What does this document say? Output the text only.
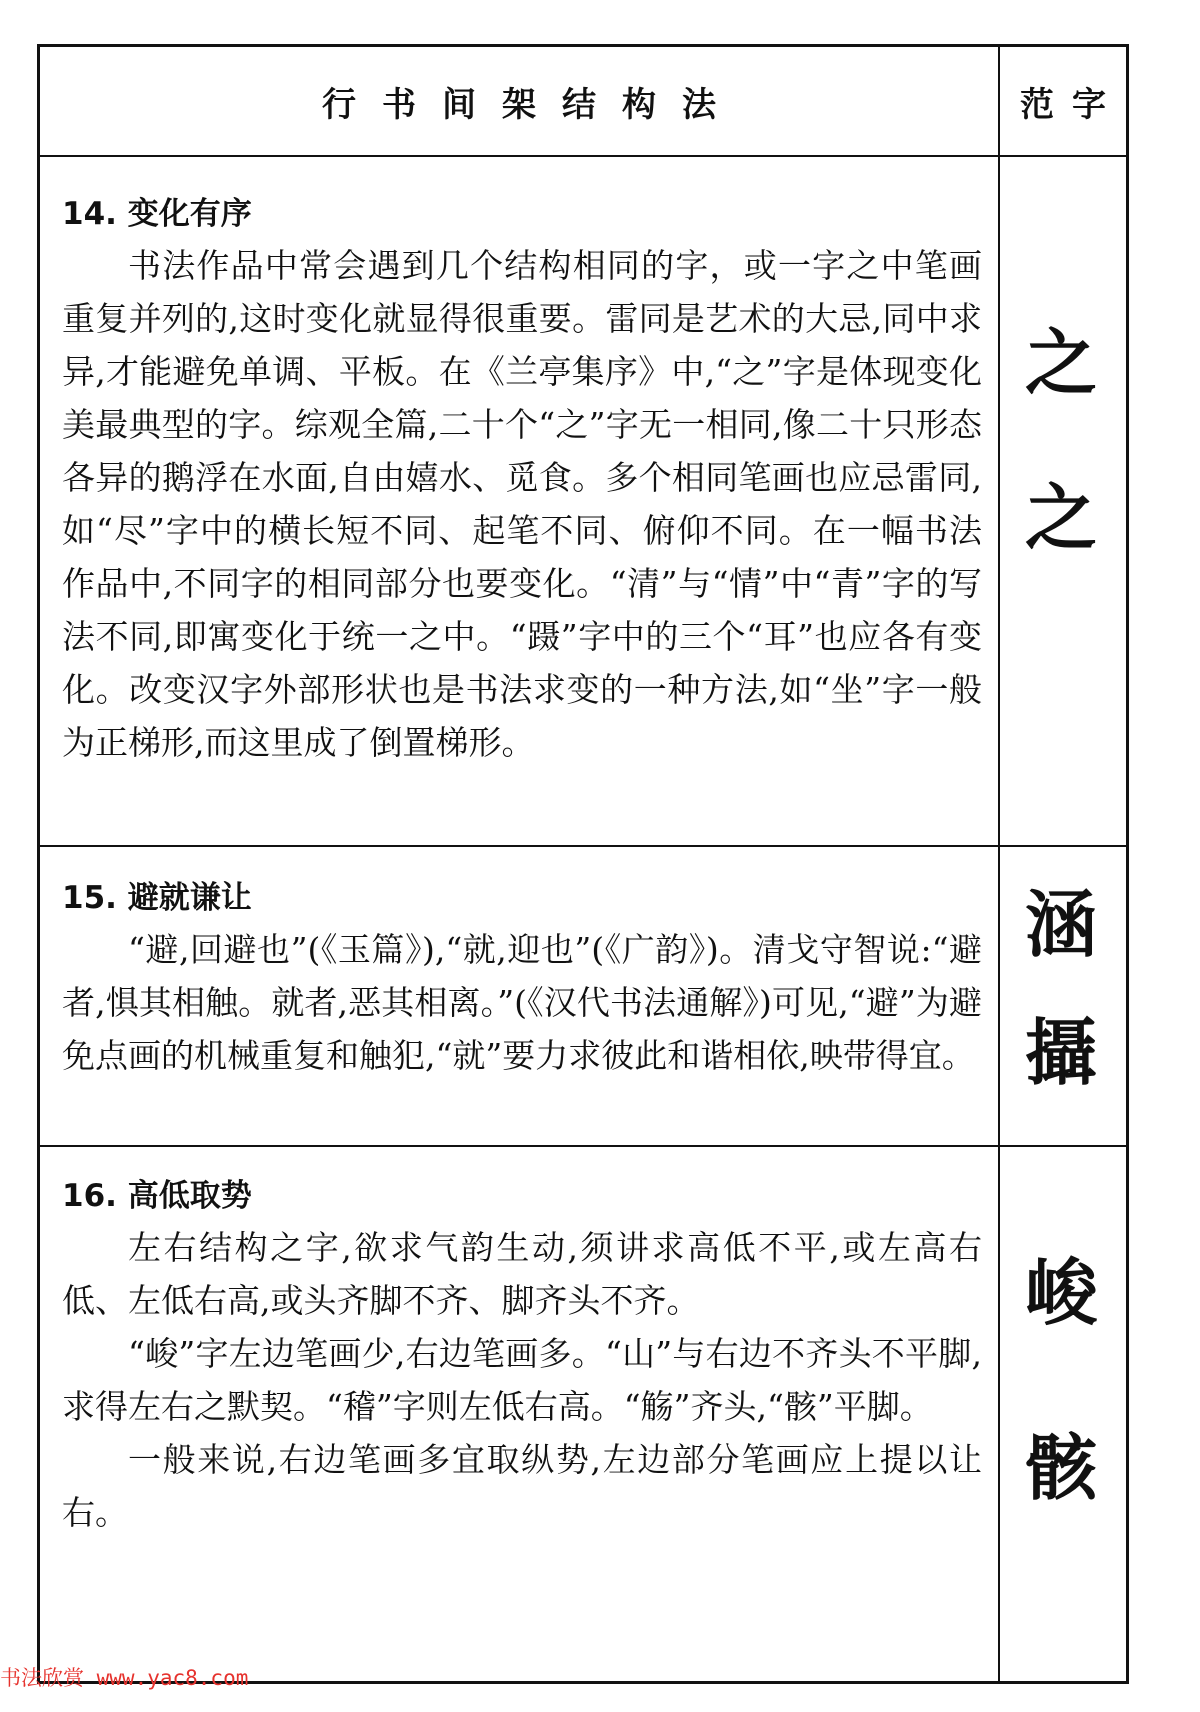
行书间架结构法	范字
14. 变化有序

书法作品中常会遇到几个结构相同的字，或一字之中笔画重复并列的,这时变化就显得很重要。雷同是艺术的大忌,同中求异,才能避免单调、平板。在《兰亭集序》中,“之”字是体现变化美最典型的字。综观全篇,二十个“之”字无一相同,像二十只形态各异的鹅浮在水面,自由嬉水、觅食。多个相同笔画也应忌雷同,如“尽”字中的横长短不同、起笔不同、俯仰不同。在一幅书法作品中,不同字的相同部分也要变化。“清”与“情”中“青”字的写法不同,即寓变化于统一之中。“蹑”字中的三个“耳”也应各有变化。改变汉字外部形状也是书法求变的一种方法,如“坐”字一般为正梯形,而这里成了倒置梯形。

之
之
15. 避就谦让

“避,回避也”(《玉篇》),“就,迎也”(《广韵》)。清戈守智说:“避者,惧其相触。就者,恶其相离。”(《汉代书法通解》)可见,“避”为避免点画的机械重复和触犯,“就”要力求彼此和谐相依,映带得宜。

涵
攝
16. 高低取势

左右结构之字,欲求气韵生动,须讲求高低不平,或左高右低、左低右高,或头齐脚不齐、脚齐头不齐。

“峻”字左边笔画少,右边笔画多。“山”与右边不齐头不平脚,求得左右之默契。“稽”字则左低右高。“觞”齐头,“骸”平脚。

一般来说,右边笔画多宜取纵势,左边部分笔画应上提以让右。

峻
骸
书法欣赏 www.yac8.com
